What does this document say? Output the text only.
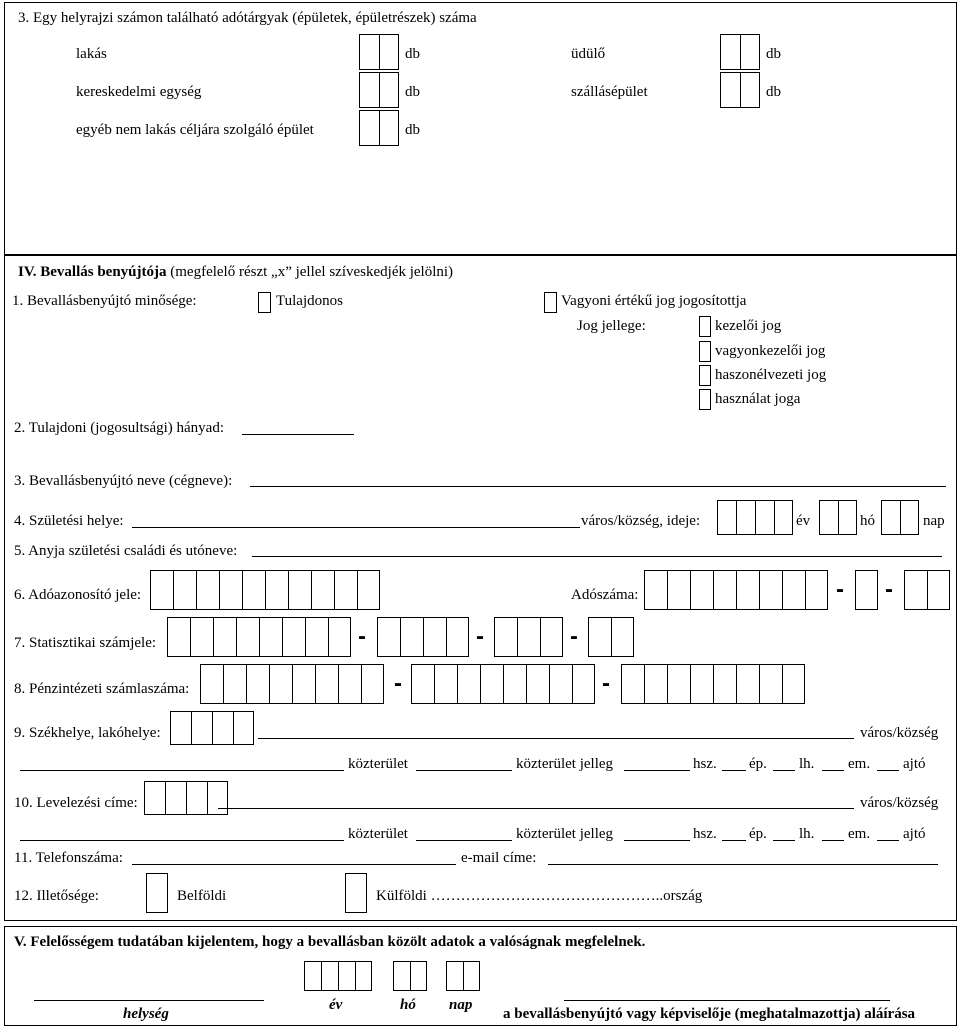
3. Egy helyrajzi számon található adótárgyak (épületek, épületrészek) száma
lakás	db
kereskedelmi egység	db
egyéb nem lakás céljára szolgáló épület	db
üdülő	db
szállásépület	db
IV. Bevallás benyújtója (megfelelő részt „x” jellel szíveskedjék jelölni)
1. Bevallásbenyújtó minősége:	Tulajdonos	Vagyoni értékű jog jogosítottja
Jog jellege:	kezelői jog
vagyonkezelői jog
haszonélvezeti jog
használat joga
2. Tulajdoni (jogosultsági) hányad:
3. Bevallásbenyújtó neve (cégneve):
4. Születési helye:	város/község, ideje:	év	hó	nap
5. Anyja születési családi és utóneve:
6. Adóazonosító jele:	Adószáma:	- -
7. Statisztikai számjele:	-	-	-
8. Pénzintézeti számlaszáma:	-	-
9. Székhelye, lakóhelye:	város/község
közterület	közterület jelleg	hsz. ép. lh. em. ajtó
10. Levelezési címe:	város/község
közterület	közterület jelleg	hsz. ép. lh. em. ajtó
11. Telefonszáma:	e-mail címe:
12. Illetősége:	Belföldi	Külföldi ………………………………………..ország
V. Felelősségem tudatában kijelentem, hogy a bevallásban közölt adatok a valóságnak megfelelnek.
helység
év	hó nap
a bevallásbenyújtó vagy képviselője (meghatalmazottja) aláírása
